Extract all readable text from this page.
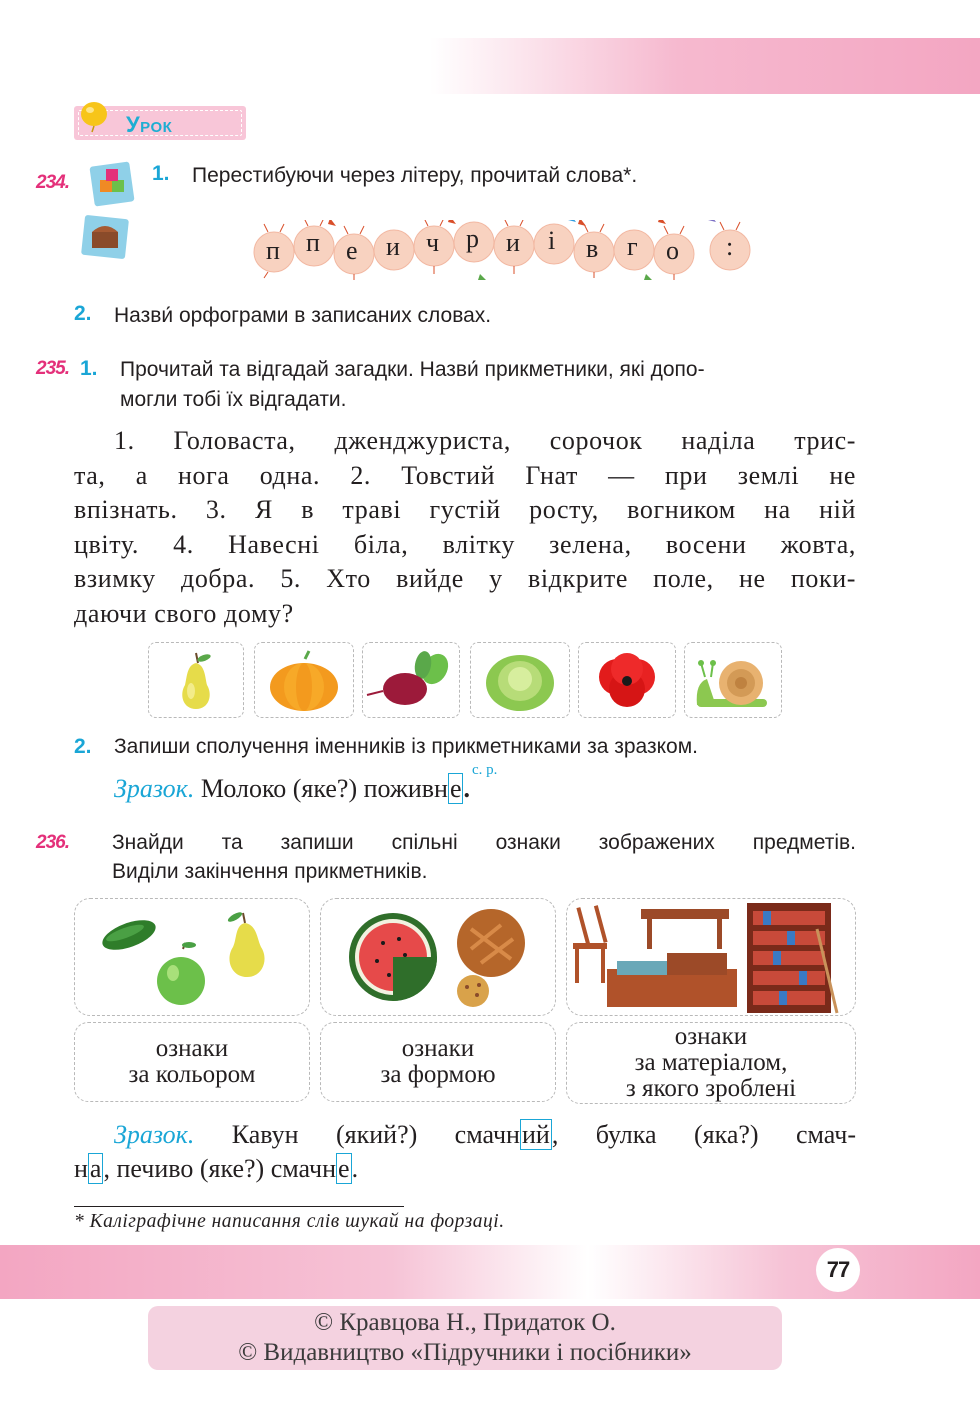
Урок
234.	1. Перестибуючи через літеру, прочитай слова*.
п п е и ч р и і в г о :
2. Назви́ орфограми в записаних словах.
235. 1. Прочитай та відгадай загадки. Назви́ прикметники, які допо-
могли тобі їх відгадати.
1. Головаста, дженджуриста, сорочок наділа трис-
та, а нога одна. 2. Товстий Гнат — при землі не
впізнать. 3. Я в траві густій росту, вогником на ній
цвіту. 4. Навесні біла, влітку зелена, восени жовта,
взимку добра. 5. Хто вийде у відкрите поле, не поки-
даючи свого дому?
2. Запиши сполучення іменників із прикметниками за зразком.
с. р.
Зразок. Молоко (яке?) поживне.
236. Знайди та запиши спільні ознаки зображених предметів.
Виділи закінчення прикметників.
ознаки
за кольором
ознаки
за формою
ознаки
за матеріалом,
з якого зроблені
Зразок. Кавун (який?) смачний, булка (яка?) смач-
на, печиво (яке?) смачне.
* Каліграфічне написання слів шукай на форзаці.
77
© Кравцова Н., Придаток О.
© Видавництво «Підручники і посібники»
